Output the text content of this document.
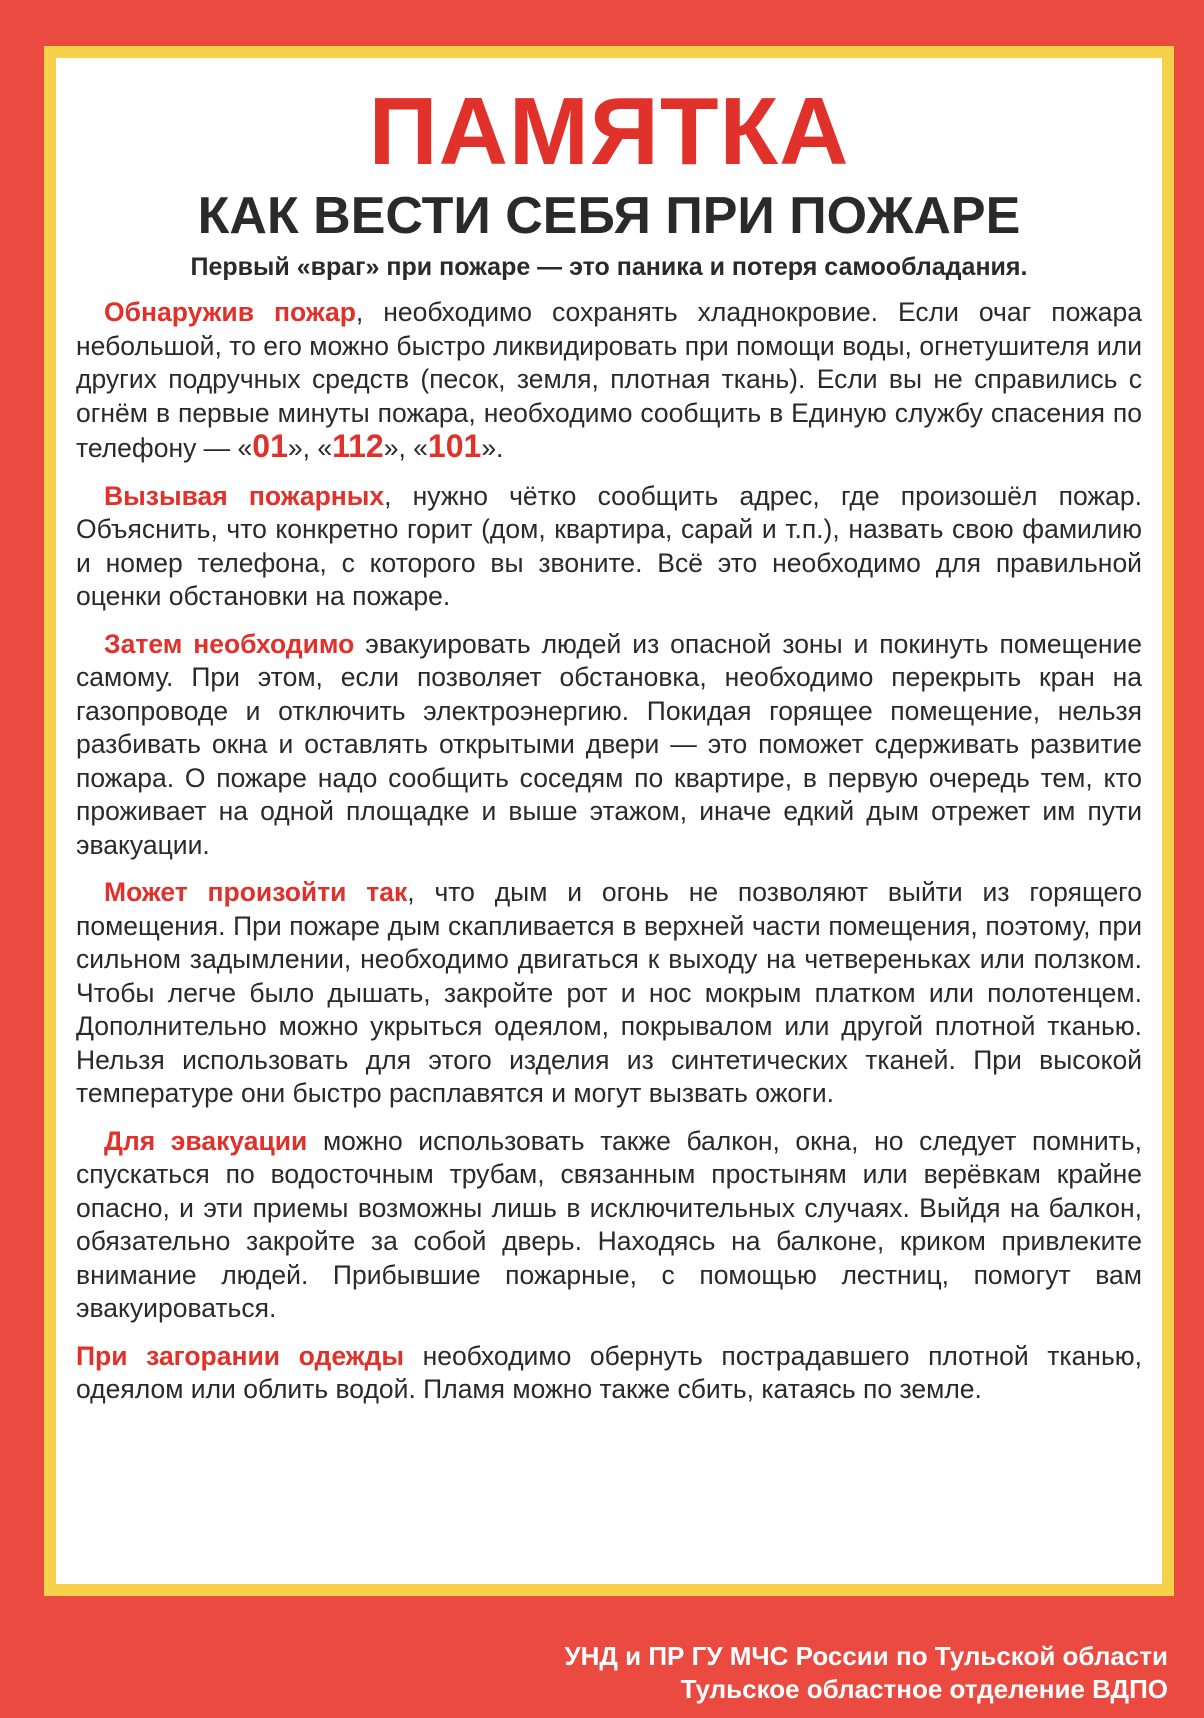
ПАМЯТКА
КАК ВЕСТИ СЕБЯ ПРИ ПОЖАРЕ
Первый «враг» при пожаре — это паника и потеря самообладания.

Обнаружив пожар, необходимо сохранять хладнокровие. Если очаг пожара небольшой, то его можно быстро ликвидировать при помощи воды, огнетушителя или других подручных средств (песок, земля, плотная ткань). Если вы не справились с огнём в первые минуты пожара, необходимо сообщить в Единую службу спасения по телефону — «01», «112», «101».

Вызывая пожарных, нужно чётко сообщить адрес, где произошёл пожар. Объяснить, что конкретно горит (дом, квартира, сарай и т.п.), назвать свою фамилию и номер телефона, с которого вы звоните. Всё это необходимо для правильной оценки обстановки на пожаре.

Затем необходимо эвакуировать людей из опасной зоны и покинуть помещение самому. При этом, если позволяет обстановка, необходимо перекрыть кран на газопроводе и отключить электроэнергию. Покидая горящее помещение, нельзя разбивать окна и оставлять открытыми двери — это поможет сдерживать развитие пожара. О пожаре надо сообщить соседям по квартире, в первую очередь тем, кто проживает на одной площадке и выше этажом, иначе едкий дым отрежет им пути эвакуации.

Может произойти так, что дым и огонь не позволяют выйти из горящего помещения. При пожаре дым скапливается в верхней части помещения, поэтому, при сильном задымлении, необходимо двигаться к выходу на четвереньках или ползком. Чтобы легче было дышать, закройте рот и нос мокрым платком или полотенцем. Дополнительно можно укрыться одеялом, покрывалом или другой плотной тканью. Нельзя использовать для этого изделия из синтетических тканей. При высокой температуре они быстро расплавятся и могут вызвать ожоги.

Для эвакуации можно использовать также балкон, окна, но следует помнить, спускаться по водосточным трубам, связанным простыням или верёвкам крайне опасно, и эти приемы возможны лишь в исключительных случаях. Выйдя на балкон, обязательно закройте за собой дверь. Находясь на балконе, криком привлеките внимание людей. Прибывшие пожарные, с помощью лестниц, помогут вам эвакуироваться.

При загорании одежды необходимо обернуть пострадавшего плотной тканью, одеялом или облить водой. Пламя можно также сбить, катаясь по земле.

УНД и ПР ГУ МЧС России по Тульской области
Тульское областное отделение ВДПО
